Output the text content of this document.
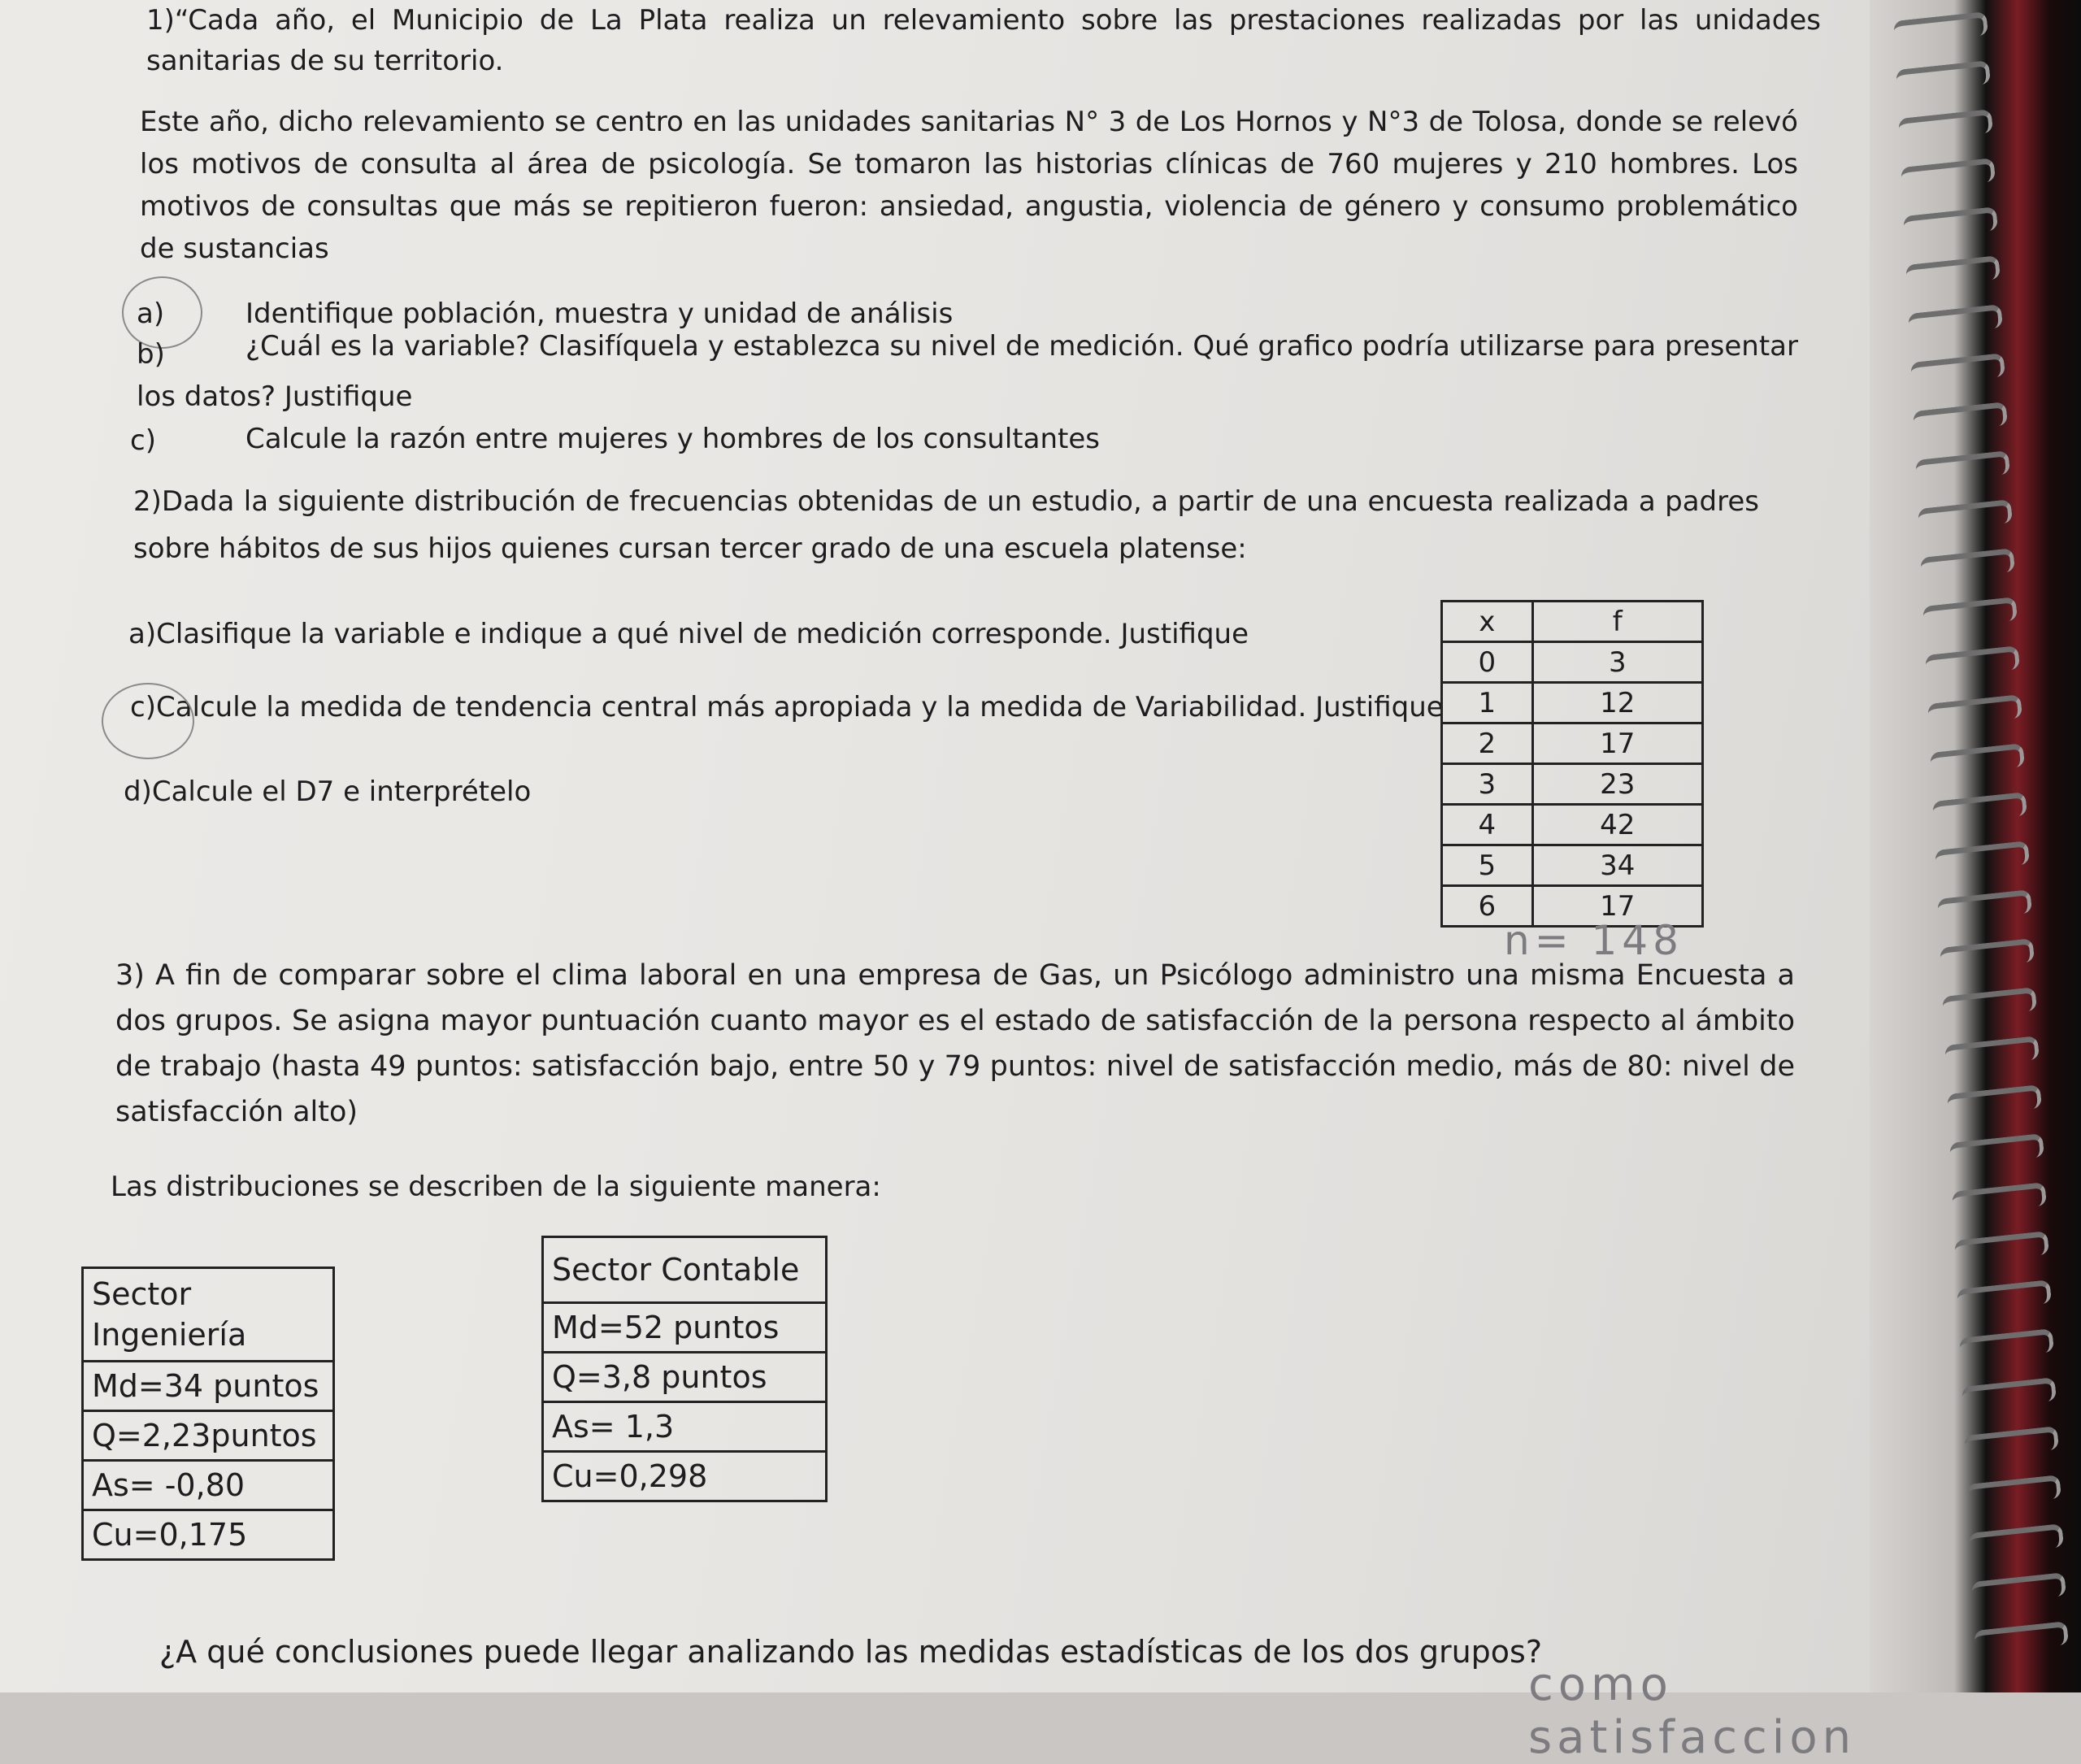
1)“Cada año, el Municipio de La Plata realiza un relevamiento sobre las prestaciones realizadas por las unidades sanitarias de su territorio.
Este año, dicho relevamiento se centro en las unidades sanitarias N° 3 de Los Hornos y N°3 de Tolosa, donde se relevó los motivos de consulta al área de psicología. Se tomaron las historias clínicas de 760 mujeres y 210 hombres. Los motivos de consultas que más se repitieron fueron: ansiedad, angustia, violencia de género y consumo problemático de sustancias
a)	Identifique población, muestra y unidad de análisis
b)	¿Cuál es la variable? Clasifíquela y establezca su nivel de medición. Qué grafico podría utilizarse para presentar
los datos? Justifique
c)	Calcule la razón entre mujeres y hombres de los consultantes
2)Dada la siguiente distribución de frecuencias obtenidas de un estudio, a partir de una encuesta realizada a padres sobre hábitos de sus hijos quienes cursan tercer grado de una escuela platense:
a)Clasifique la variable e indique a qué nivel de medición corresponde. Justifique
c)Calcule la medida de tendencia central más apropiada y la medida de Variabilidad. Justifique
d)Calcule el D7 e interprételo
x	f
0	3
1	12
2	17
3	23
4	42
5	34
6	17
n= 148
3) A fin de comparar sobre el clima laboral en una empresa de Gas, un Psicólogo administro una misma Encuesta a dos grupos. Se asigna mayor puntuación cuanto mayor es el estado de satisfacción de la persona respecto al ámbito de trabajo (hasta 49 puntos: satisfacción bajo, entre 50 y 79 puntos: nivel de satisfacción medio, más de 80: nivel de satisfacción alto)
Las distribuciones se describen de la siguiente manera:
Sector Ingeniería
Md=34 puntos
Q=2,23puntos
As= -0,80
Cu=0,175
Sector Contable
Md=52 puntos
Q=3,8 puntos
As= 1,3
Cu=0,298
¿A qué conclusiones puede llegar analizando las medidas estadísticas de los dos grupos?
como satisfaccion
